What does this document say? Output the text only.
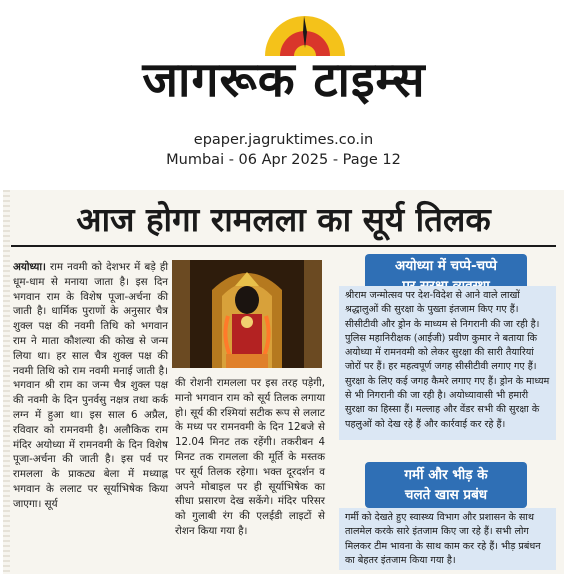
जागरूक टाइम्स
epaper.jagruktimes.co.in
Mumbai - 06 Apr 2025 - Page 12
आज होगा रामलला का सूर्य तिलक
अयोध्या। राम नवमी को देशभर में बड़े ही धूम-धाम से मनाया जाता है। इस दिन भगवान राम के विशेष पूजा-अर्चना की जाती है। धार्मिक पुराणों के अनुसार चैत्र शुक्ल पक्ष की नवमी तिथि को भगवान राम ने माता कौशल्या की कोख से जन्म लिया था। हर साल चैत्र शुक्ल पक्ष की नवमी तिथि को राम नवमी मनाई जाती है। भगवान श्री राम का जन्म चैत्र शुक्ल पक्ष की नवमी के दिन पुनर्वसु नक्षत्र तथा कर्क लग्न में हुआ था। इस साल 6 अप्रैल, रविवार को रामनवमी है। अलौकिक राम मंदिर अयोध्या में रामनवमी के दिन विशेष पूजा-अर्चना की जाती है। इस पर्व पर रामलला के प्राकट्य बेला में मध्याह्न भगवान के ललाट पर सूर्याभिषेक किया जाएगा। सूर्य
की रोशनी रामलला पर इस तरह पड़ेगी, मानो भगवान राम को सूर्य तिलक लगाया हो। सूर्य की रश्मियां सटीक रूप से ललाट के मध्य पर रामनवमी के दिन 12बजे से 12.04 मिनट तक रहेंगी। तकरीबन 4 मिनट तक रामलला की मूर्ति के मस्तक पर सूर्य तिलक रहेगा। भक्त दूरदर्शन व अपने मोबाइल पर ही सूर्याभिषेक का सीधा प्रसारण देख सकेंगे। मंदिर परिसर को गुलाबी रंग की एलईडी लाइटों से रोशन किया गया है।
अयोध्या में चप्पे-चप्पे
श्रीराम जन्मोत्सव पर देश-विदेश से आने वाले लाखों श्रद्धालुओं की सुरक्षा के पुख्ता इंतजाम किए गए हैं। सीसीटीवी और ड्रोन के माध्यम से निगरानी की जा रही है। पुलिस महानिरीक्षक (आईजी) प्रवीण कुमार ने बताया कि अयोध्या में रामनवमी को लेकर सुरक्षा की सारी तैयारियां जोरों पर हैं। हर महत्वपूर्ण जगह सीसीटीवी लगाए गए हैं। सुरक्षा के लिए कई जगह कैमरे लगाए गए हैं। ड्रोन के माध्यम से भी निगरानी की जा रही है। अयोध्यावासी भी हमारी सुरक्षा का हिस्सा हैं। मल्लाह और वेंडर सभी की सुरक्षा के पहलुओं को देख रहे हैं और कार्रवाई कर रहे हैं।
गर्मी और भीड़ के
चलते खास प्रबंध
गर्मी को देखते हुए स्वास्थ्य विभाग और प्रशासन के साथ तालमेल करके सारे इंतजाम किए जा रहे हैं। सभी लोग मिलकर टीम भावना के साथ काम कर रहे हैं। भीड़ प्रबंधन का बेहतर इंतजाम किया गया है।
